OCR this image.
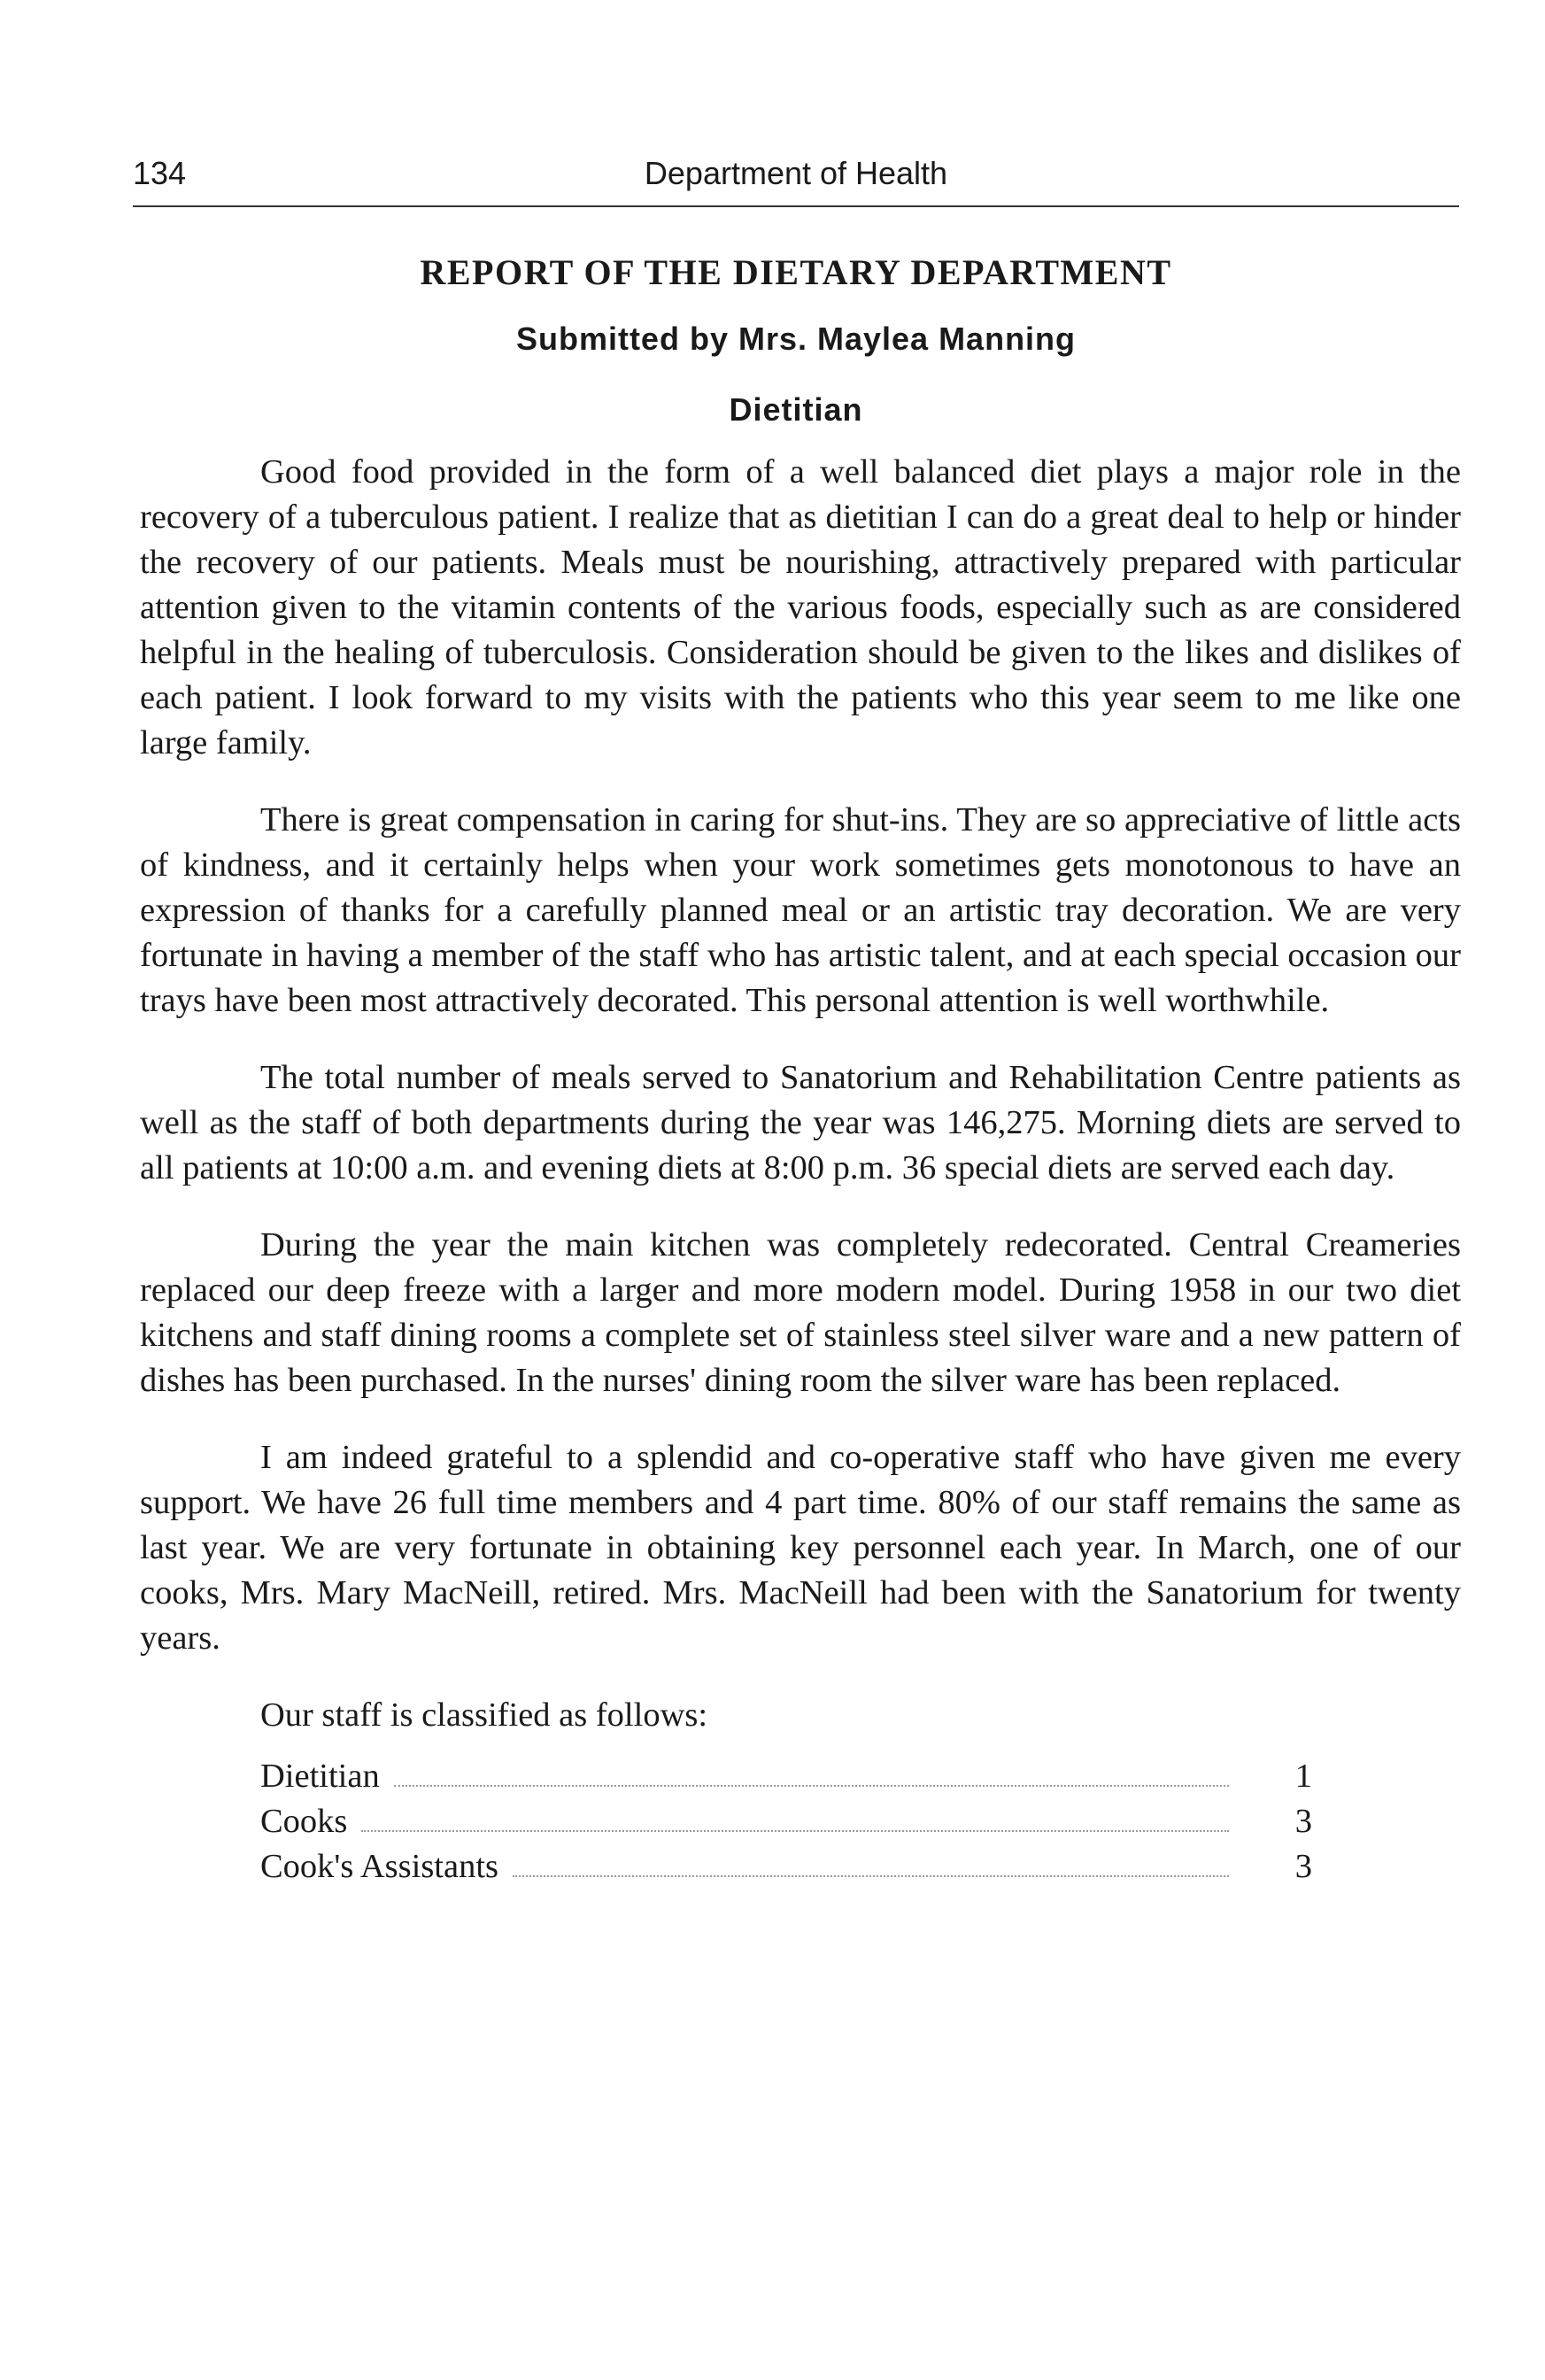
134	Department of Health
REPORT OF THE DIETARY DEPARTMENT
Submitted by Mrs. Maylea Manning
Dietitian

Good food provided in the form of a well balanced diet plays a major role in the recovery of a tuberculous patient. I realize that as dietitian I can do a great deal to help or hinder the recovery of our patients. Meals must be nourishing, attractively prepared with particular attention given to the vitamin contents of the various foods, especially such as are considered helpful in the healing of tuberculosis. Consideration should be given to the likes and dislikes of each patient. I look forward to my visits with the patients who this year seem to me like one large family.

There is great compensation in caring for shut-ins. They are so appreciative of little acts of kindness, and it certainly helps when your work sometimes gets monotonous to have an expression of thanks for a carefully planned meal or an artistic tray decoration. We are very fortunate in having a member of the staff who has artistic talent, and at each special occasion our trays have been most attractively decorated. This personal attention is well worthwhile.

The total number of meals served to Sanatorium and Rehabilitation Centre patients as well as the staff of both departments during the year was 146,275. Morning diets are served to all patients at 10:00 a.m. and evening diets at 8:00 p.m. 36 special diets are served each day.

During the year the main kitchen was completely redecorated. Central Creameries replaced our deep freeze with a larger and more modern model. During 1958 in our two diet kitchens and staff dining rooms a complete set of stainless steel silver ware and a new pattern of dishes has been purchased. In the nurses' dining room the silver ware has been replaced.

I am indeed grateful to a splendid and co-operative staff who have given me every support. We have 26 full time members and 4 part time. 80% of our staff remains the same as last year. We are very fortunate in obtaining key personnel each year. In March, one of our cooks, Mrs. Mary MacNeill, retired. Mrs. MacNeill had been with the Sanatorium for twenty years.

Our staff is classified as follows:

Dietitian	1
Cooks	3
Cook's Assistants	3
